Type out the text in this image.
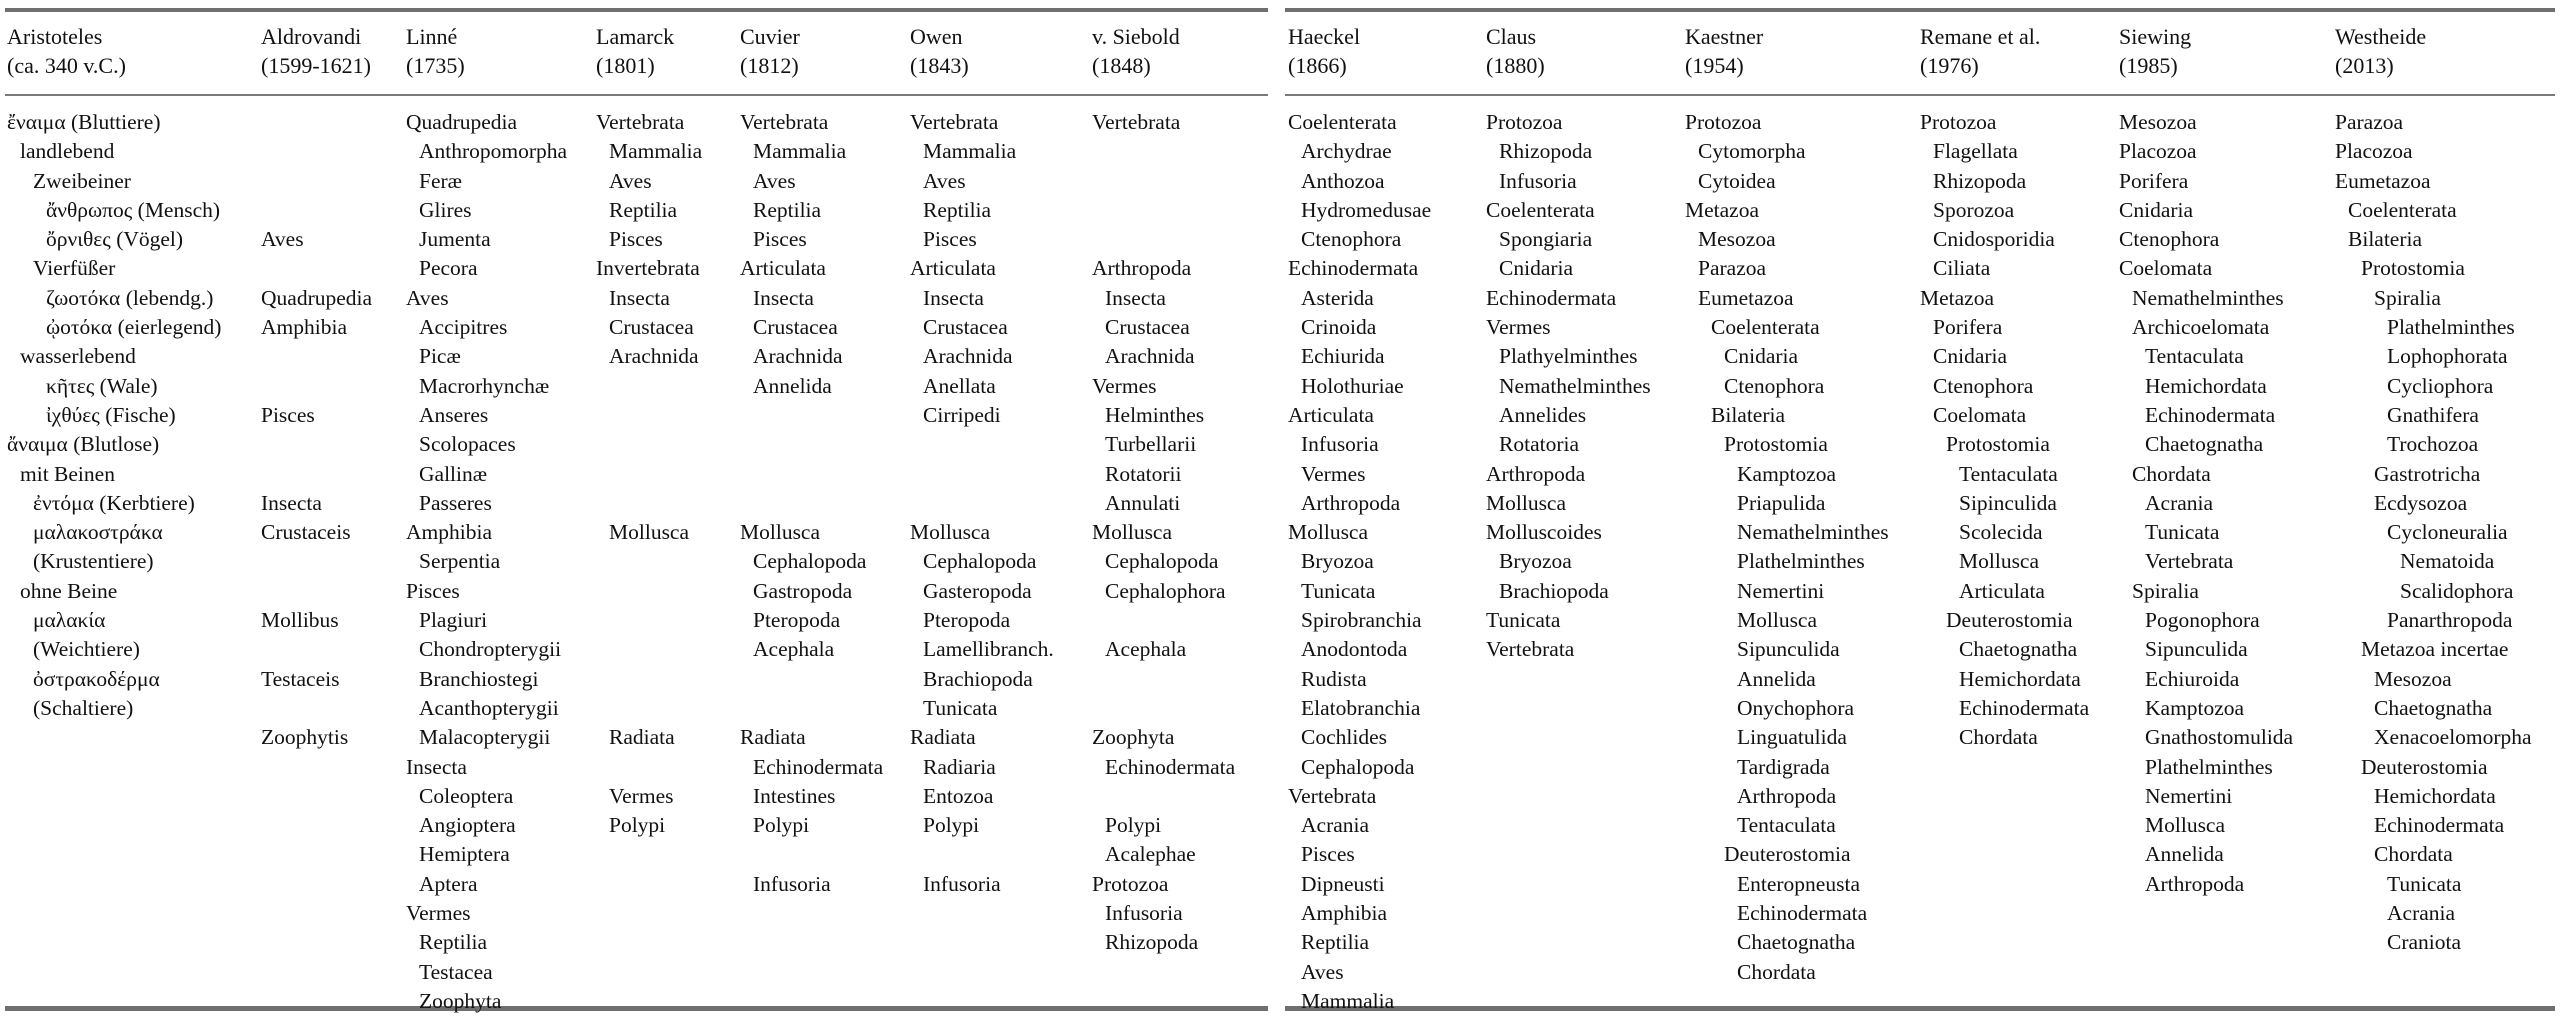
Aristoteles
(ca. 340 v.C.)
ἔναιμα (Bluttiere)
landlebend
Zweibeiner
ἄνθρωπος (Mensch)
ὄρνιθες (Vögel)
Vierfüßer
ζωοτόκα (lebendg.)
ᾠοτόκα (eierlegend)
wasserlebend
κῆτες (Wale)
ἰχθύες (Fische)
ἄναιμα (Blutlose)
mit Beinen
ἐντόμα (Kerbtiere)
μαλακοστράκα
(Krustentiere)
ohne Beine
μαλακία
(Weichtiere)
ὀστρακοδέρμα
(Schaltiere)
Aldrovandi
(1599-1621)
Aves
Quadrupedia
Amphibia
Pisces
Insecta
Crustaceis
Mollibus
Testaceis
Zoophytis
Linné
(1735)
Quadrupedia
Anthropomorpha
Feræ
Glires
Jumenta
Pecora
Aves
Accipitres
Picæ
Macrorhynchæ
Anseres
Scolopaces
Gallinæ
Passeres
Amphibia
Serpentia
Pisces
Plagiuri
Chondropterygii
Branchiostegi
Acanthopterygii
Malacopterygii
Insecta
Coleoptera
Angioptera
Hemiptera
Aptera
Vermes
Reptilia
Testacea
Zoophyta
Lamarck
(1801)
Vertebrata
Mammalia
Aves
Reptilia
Pisces
Invertebrata
Insecta
Crustacea
Arachnida
Mollusca
Radiata
Vermes
Polypi
Cuvier
(1812)
Vertebrata
Mammalia
Aves
Reptilia
Pisces
Articulata
Insecta
Crustacea
Arachnida
Annelida
Mollusca
Cephalopoda
Gastropoda
Pteropoda
Acephala
Radiata
Echinodermata
Intestines
Polypi
Infusoria
Owen
(1843)
Vertebrata
Mammalia
Aves
Reptilia
Pisces
Articulata
Insecta
Crustacea
Arachnida
Anellata
Cirripedi
Mollusca
Cephalopoda
Gasteropoda
Pteropoda
Lamellibranch.
Brachiopoda
Tunicata
Radiata
Radiaria
Entozoa
Polypi
Infusoria
v. Siebold
(1848)
Vertebrata
Arthropoda
Insecta
Crustacea
Arachnida
Vermes
Helminthes
Turbellarii
Rotatorii
Annulati
Mollusca
Cephalopoda
Cephalophora
Acephala
Zoophyta
Echinodermata
Polypi
Acalephae
Protozoa
Infusoria
Rhizopoda
Haeckel
(1866)
Coelenterata
Archydrae
Anthozoa
Hydromedusae
Ctenophora
Echinodermata
Asterida
Crinoida
Echiurida
Holothuriae
Articulata
Infusoria
Vermes
Arthropoda
Mollusca
Bryozoa
Tunicata
Spirobranchia
Anodontoda
Rudista
Elatobranchia
Cochlides
Cephalopoda
Vertebrata
Acrania
Pisces
Dipneusti
Amphibia
Reptilia
Aves
Mammalia
Claus
(1880)
Protozoa
Rhizopoda
Infusoria
Coelenterata
Spongiaria
Cnidaria
Echinodermata
Vermes
Plathyelminthes
Nemathelminthes
Annelides
Rotatoria
Arthropoda
Mollusca
Molluscoides
Bryozoa
Brachiopoda
Tunicata
Vertebrata
Kaestner
(1954)
Protozoa
Cytomorpha
Cytoidea
Metazoa
Mesozoa
Parazoa
Eumetazoa
Coelenterata
Cnidaria
Ctenophora
Bilateria
Protostomia
Kamptozoa
Priapulida
Nemathelminthes
Plathelminthes
Nemertini
Mollusca
Sipunculida
Annelida
Onychophora
Linguatulida
Tardigrada
Arthropoda
Tentaculata
Deuterostomia
Enteropneusta
Echinodermata
Chaetognatha
Chordata
Remane et al.
(1976)
Protozoa
Flagellata
Rhizopoda
Sporozoa
Cnidosporidia
Ciliata
Metazoa
Porifera
Cnidaria
Ctenophora
Coelomata
Protostomia
Tentaculata
Sipinculida
Scolecida
Mollusca
Articulata
Deuterostomia
Chaetognatha
Hemichordata
Echinodermata
Chordata
Siewing
(1985)
Mesozoa
Placozoa
Porifera
Cnidaria
Ctenophora
Coelomata
Nemathelminthes
Archicoelomata
Tentaculata
Hemichordata
Echinodermata
Chaetognatha
Chordata
Acrania
Tunicata
Vertebrata
Spiralia
Pogonophora
Sipunculida
Echiuroida
Kamptozoa
Gnathostomulida
Plathelminthes
Nemertini
Mollusca
Annelida
Arthropoda
Westheide
(2013)
Parazoa
Placozoa
Eumetazoa
Coelenterata
Bilateria
Protostomia
Spiralia
Plathelminthes
Lophophorata
Cycliophora
Gnathifera
Trochozoa
Gastrotricha
Ecdysozoa
Cycloneuralia
Nematoida
Scalidophora
Panarthropoda
Metazoa incertae
Mesozoa
Chaetognatha
Xenacoelomorpha
Deuterostomia
Hemichordata
Echinodermata
Chordata
Tunicata
Acrania
Craniota
